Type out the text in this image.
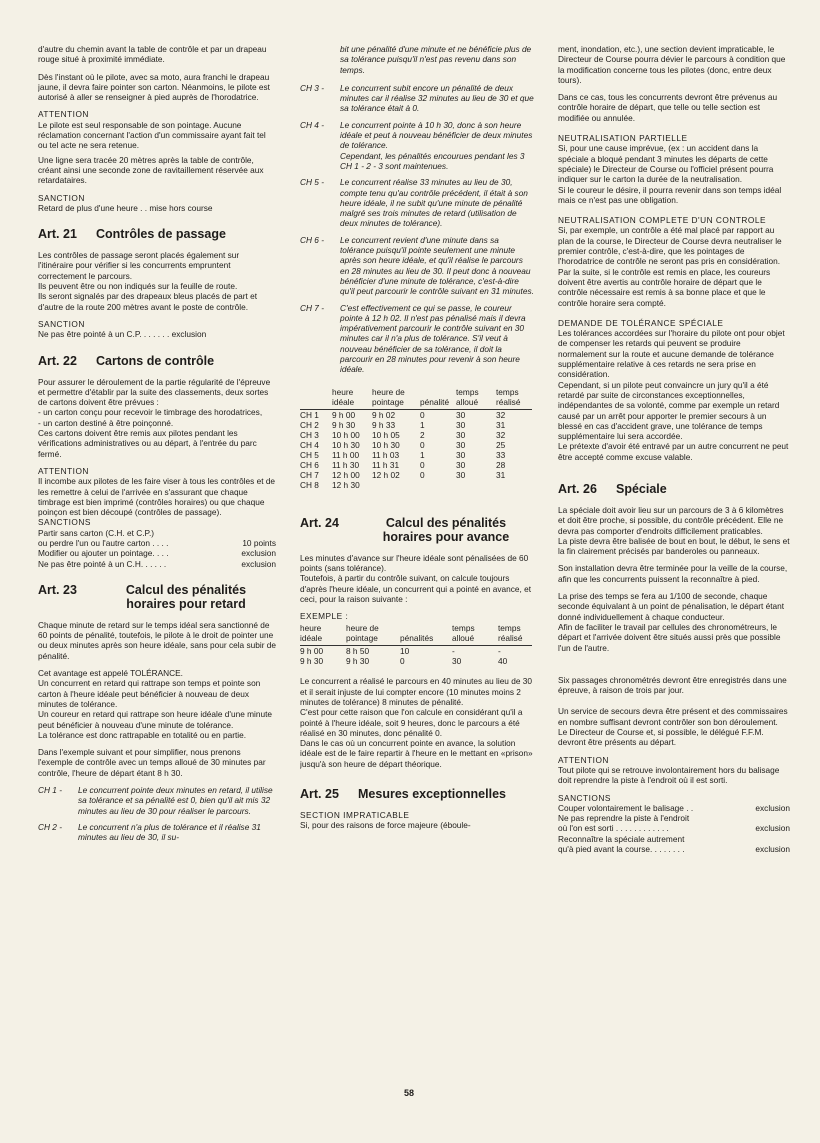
d'autre du chemin avant la table de contrôle et par un drapeau rouge situé à proximité immédiate.

Dès l'instant où le pilote, avec sa moto, aura franchi le drapeau jaune, il devra faire pointer son carton. Néanmoins, le pilote est autorisé à aller se renseigner à pied auprès de l'horodatrice.

ATTENTION

Le pilote est seul responsable de son pointage. Aucune réclamation concernant l'action d'un commissaire ayant fait tel ou tel acte ne sera retenue.

Une ligne sera tracée 20 mètres après la table de contrôle, créant ainsi une seconde zone de ravitaillement réservée aux retardataires.

SANCTION

Retard de plus d'une heure . . mise hors course

Art. 21 Contrôles de passage

Les contrôles de passage seront placés également sur l'itinéraire pour vérifier si les concurrents empruntent correctement le parcours.
Ils peuvent être ou non indiqués sur la feuille de route.
Ils seront signalés par des drapeaux bleus placés de part et d'autre de la route 200 mètres avant le poste de contrôle.

SANCTION

Ne pas être pointé à un C.P. . . . . . . exclusion

Art. 22 Cartons de contrôle

Pour assurer le déroulement de la partie régularité de l'épreuve et permettre d'établir par la suite des classements, deux sortes de cartons doivent être prévues :
- un carton conçu pour recevoir le timbrage des horodatrices,
- un carton destiné à être poinçonné.
Ces cartons doivent être remis aux pilotes pendant les vérifications administratives ou au départ, à l'entrée du parc fermé.

ATTENTION

Il incombe aux pilotes de les faire viser à tous les contrôles et de les remettre à celui de l'arrivée en s'assurant que chaque timbrage est bien imprimé (contrôles horaires) ou que chaque poinçon est bien découpé (contrôles de passage).

SANCTIONS

Partir sans carton (C.H. et C.P.)
ou perdre l'un ou l'autre carton . . . .	10 points
Modifier ou ajouter un pointage. . . .	exclusion
Ne pas être pointé à un C.H. . . . . .	exclusion
Art. 23	Calcul des pénalités
horaires pour retard

Chaque minute de retard sur le temps idéal sera sanctionné de 60 points de pénalité, toutefois, le pilote à le droit de pointer une ou deux minutes après son heure idéale, sans pour cela subir de pénalité.

Cet avantage est appelé TOLÉRANCE.
Un concurrent en retard qui rattrape son temps et pointe son carton à l'heure idéale peut bénéficier à nouveau de deux minutes de tolérance.
Un coureur en retard qui rattrape son heure idéale d'une minute peut bénéficier à nouveau d'une minute de tolérance.
La tolérance est donc rattrapable en totalité ou en partie.

Dans l'exemple suivant et pour simplifier, nous prenons l'exemple de contrôle avec un temps alloué de 30 minutes par contrôle, l'heure de départ étant 8 h 30.

CH 1 -	Le concurrent pointe deux minutes en retard, il utilise sa tolérance et sa pénalité est 0, bien qu'il ait mis 32 minutes au lieu de 30 pour réaliser le parcours.
CH 2 -	Le concurrent n'a plus de tolérance et il réalise 31 minutes au lieu de 30, il su-
bit une pénalité d'une minute et ne bénéficie plus de sa tolérance puisqu'il n'est pas revenu dans son temps.
CH 3 -	Le concurrent subit encore un pénalité de deux minutes car il réalise 32 minutes au lieu de 30 et que sa tolérance était à 0.
CH 4 -	Le concurrent pointe à 10 h 30, donc à son heure idéale et peut à nouveau bénéficier de deux minutes de tolérance.
Cependant, les pénalités encourues pendant les 3 CH 1 - 2 - 3 sont maintenues.
CH 5 -	Le concurrent réalise 33 minutes au lieu de 30, compte tenu qu'au contrôle précédent, il était à son heure idéale, il ne subit qu'une minute de pénalité malgré ses trois minutes de retard (utilisation de deux minutes de tolérance).
CH 6 -	Le concurrent revient d'une minute dans sa tolérance puisqu'il pointe seulement une minute après son heure idéale, et qu'il réalise le parcours en 28 minutes au lieu de 30. Il peut donc à nouveau bénéficier d'une minute de tolérance, c'est-à-dire qu'il peut parcourir le contrôle suivant en 31 minutes.
CH 7 -	C'est effectivement ce qui se passe, le coureur pointe à 12 h 02. Il n'est pas pénalisé mais il devra impérativement parcourir le contrôle suivant en 30 minutes car il n'a plus de tolérance. S'il veut à nouveau bénéficier de sa tolérance, il doit la parcourir en 28 minutes pour revenir à son heure idéale.
	heure idéale	heure de pointage	pénalité	temps alloué	temps réalisé
CH 1	9 h 00	9 h 02	0	30	32
CH 2	9 h 30	9 h 33	1	30	31
CH 3	10 h 00	10 h 05	2	30	32
CH 4	10 h 30	10 h 30	0	30	25
CH 5	11 h 00	11 h 03	1	30	33
CH 6	11 h 30	11 h 31	0	30	28
CH 7	12 h 00	12 h 02	0	30	31
CH 8	12 h 30				
Art. 24	Calcul des pénalités
horaires pour avance

Les minutes d'avance sur l'heure idéale sont pénalisées de 60 points (sans tolérance).
Toutefois, à partir du contrôle suivant, on calcule toujours d'après l'heure idéale, un concurrent qui a pointé en avance, et ceci, pour la raison suivante :

EXEMPLE :

heure idéale	heure de pointage	pénalités	temps alloué	temps réalisé
9 h 00	8 h 50	10	-	-
9 h 30	9 h 30	0	30	40

Le concurrent a réalisé le parcours en 40 minutes au lieu de 30 et il serait injuste de lui compter encore (10 minutes moins 2 minutes de tolérance) 8 minutes de pénalité.
C'est pour cette raison que l'on calcule en considérant qu'il a pointé à l'heure idéale, soit 9 heures, donc le parcours a été réalisé en 30 minutes, donc pénalité 0.
Dans le cas où un concurrent pointe en avance, la solution idéale est de le faire repartir à l'heure en le mettant en «prison» jusqu'à son heure de départ théorique.

Art. 25 Mesures exceptionnelles

SECTION IMPRATICABLE

Si, pour des raisons de force majeure (éboule-

ment, inondation, etc.), une section devient impraticable, le Directeur de Course pourra dévier le parcours à condition que la modification concerne tous les pilotes (donc, entre deux tours).

Dans ce cas, tous les concurrents devront être prévenus au contrôle horaire de départ, que telle ou telle section est modifiée ou annulée.

NEUTRALISATION PARTIELLE

Si, pour une cause imprévue, (ex : un accident dans la spéciale a bloqué pendant 3 minutes les départs de cette spéciale) le Directeur de Course ou l'officiel présent pourra indiquer sur le carton la durée de la neutralisation.
Si le coureur le désire, il pourra revenir dans son temps idéal mais ce n'est pas une obligation.

NEUTRALISATION COMPLETE D'UN CONTROLE

Si, par exemple, un contrôle a été mal placé par rapport au plan de la course, le Directeur de Course devra neutraliser le premier contrôle, c'est-à-dire, que les pointages de l'horodatrice de contrôle ne seront pas pris en considération.
Par la suite, si le contrôle est remis en place, les coureurs doivent être avertis au contrôle horaire de départ que le contrôle nécessaire est remis à sa bonne place et que le contrôle horaire sera compté.

DEMANDE DE TOLÉRANCE SPÉCIALE

Les tolérances accordées sur l'horaire du pilote ont pour objet de compenser les retards qui peuvent se produire normalement sur la route et aucune demande de tolérance supplémentaire relative à ces retards ne sera prise en considération.
Cependant, si un pilote peut convaincre un jury qu'il a été retardé par suite de circonstances exceptionnelles, indépendantes de sa volonté, comme par exemple un retard causé par un arrêt pour apporter le premier secours à un blessé en cas d'accident grave, une tolérance de temps supplémentaire lui sera accordée.
Le prétexte d'avoir été entravé par un autre concurrent ne peut être accepté comme excuse valable.

Art. 26 Spéciale

La spéciale doit avoir lieu sur un parcours de 3 à 6 kilomètres et doit être proche, si possible, du contrôle précédent. Elle ne devra pas comporter d'endroits difficilement praticables.
La piste devra être balisée de bout en bout, le début, le sens et la fin clairement précisés par banderoles ou panneaux.

Son installation devra être terminée pour la veille de la course, afin que les concurrents puissent la reconnaître à pied.

La prise des temps se fera au 1/100 de seconde, chaque seconde équivalant à un point de pénalisation, le départ étant donné individuellement à chaque conducteur.
Afin de faciliter le travail par cellules des chronométreurs, le départ et l'arrivée doivent être situés aussi près que possible l'un de l'autre.

Six passages chronométrés devront être enregistrés dans une épreuve, à raison de trois par jour.

Un service de secours devra être présent et des commissaires en nombre suffisant devront contrôler son bon déroulement.
Le Directeur de Course et, si possible, le délégué F.F.M. devront être présents au départ.

ATTENTION

Tout pilote qui se retrouve involontairement hors du balisage doit reprendre la piste à l'endroit où il est sorti.

SANCTIONS

Couper volontairement le balisage . .	exclusion
Ne pas reprendre la piste à l'endroit
où l'on est sorti . . . . . . . . . . . .	exclusion
Reconnaître la spéciale autrement
qu'à pied avant la course. . . . . . . .	exclusion
58
